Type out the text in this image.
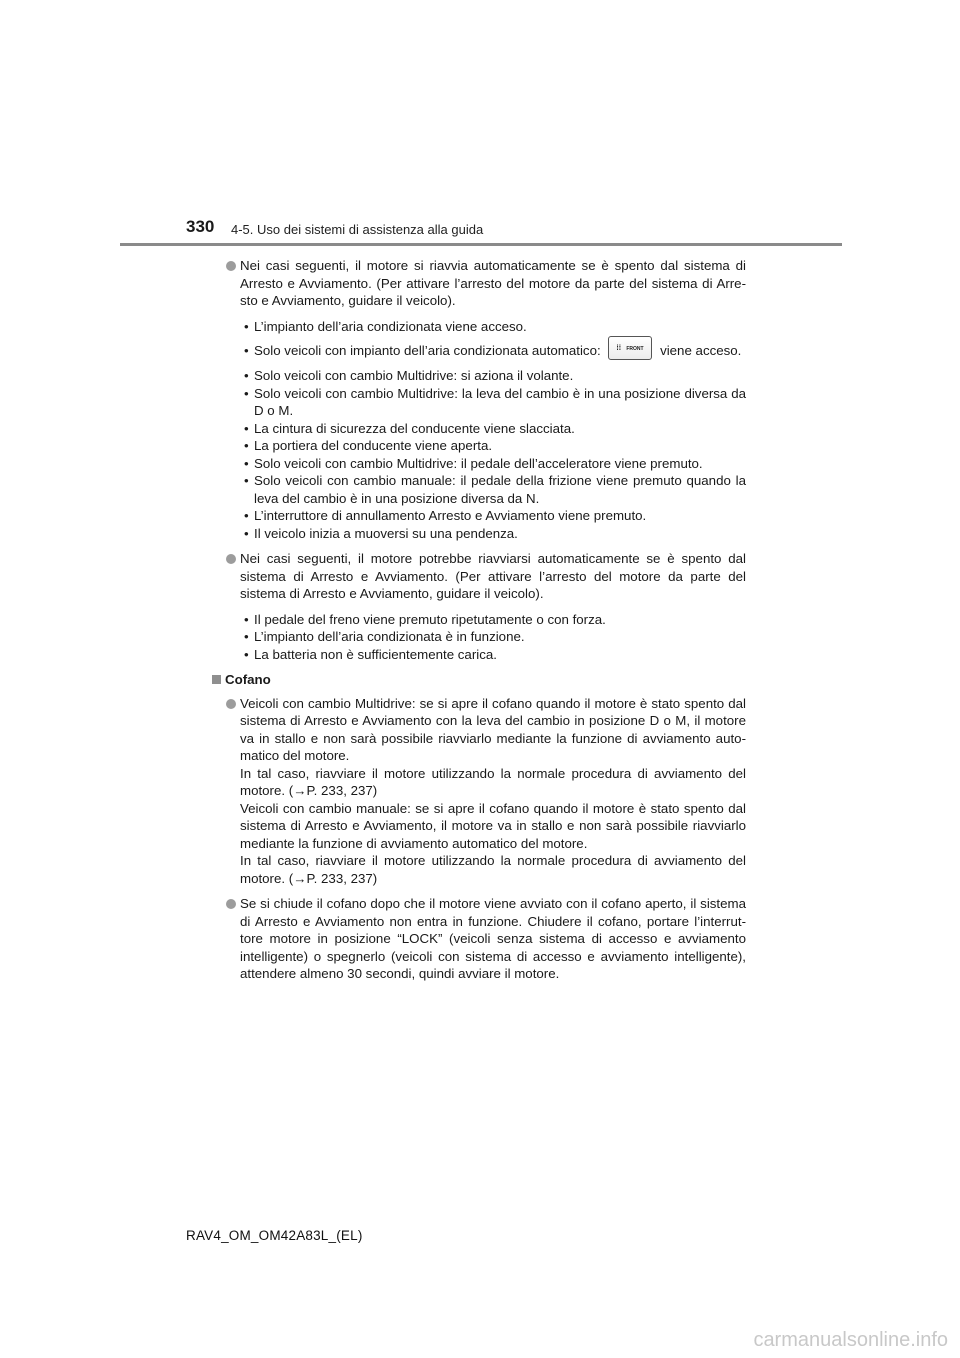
330 4-5. Uso dei sistemi di assistenza alla guida
Nei casi seguenti, il motore si riavvia automaticamente se è spento dal sistema di Arresto e Avviamento. (Per attivare l’arresto del motore da parte del sistema di Arre-sto e Avviamento, guidare il veicolo).
• L’impianto dell’aria condizionata viene acceso.
• Solo veicoli con impianto dell’aria condizionata automatico: ⁞⁞ FRONT viene acceso.
• Solo veicoli con cambio Multidrive: si aziona il volante.
• Solo veicoli con cambio Multidrive: la leva del cambio è in una posizione diversa da D o M.
• La cintura di sicurezza del conducente viene slacciata.
• La portiera del conducente viene aperta.
• Solo veicoli con cambio Multidrive: il pedale dell’acceleratore viene premuto.
• Solo veicoli con cambio manuale: il pedale della frizione viene premuto quando la leva del cambio è in una posizione diversa da N.
• L’interruttore di annullamento Arresto e Avviamento viene premuto.
• Il veicolo inizia a muoversi su una pendenza.
Nei casi seguenti, il motore potrebbe riavviarsi automaticamente se è spento dal sistema di Arresto e Avviamento. (Per attivare l’arresto del motore da parte del sistema di Arresto e Avviamento, guidare il veicolo).
• Il pedale del freno viene premuto ripetutamente o con forza.
• L’impianto dell’aria condizionata è in funzione.
• La batteria non è sufficientemente carica.
Cofano
Veicoli con cambio Multidrive: se si apre il cofano quando il motore è stato spento dal sistema di Arresto e Avviamento con la leva del cambio in posizione D o M, il motore va in stallo e non sarà possibile riavviarlo mediante la funzione di avviamento auto-matico del motore.
In tal caso, riavviare il motore utilizzando la normale procedura di avviamento del motore. (→P. 233, 237)
Veicoli con cambio manuale: se si apre il cofano quando il motore è stato spento dal sistema di Arresto e Avviamento, il motore va in stallo e non sarà possibile riavviarlo mediante la funzione di avviamento automatico del motore.
In tal caso, riavviare il motore utilizzando la normale procedura di avviamento del motore. (→P. 233, 237)
Se si chiude il cofano dopo che il motore viene avviato con il cofano aperto, il sistema di Arresto e Avviamento non entra in funzione. Chiudere il cofano, portare l’interrut-tore motore in posizione “LOCK” (veicoli senza sistema di accesso e avviamento intelligente) o spegnerlo (veicoli con sistema di accesso e avviamento intelligente), attendere almeno 30 secondi, quindi avviare il motore.
RAV4_OM_OM42A83L_(EL)
carmanualsonline.info
